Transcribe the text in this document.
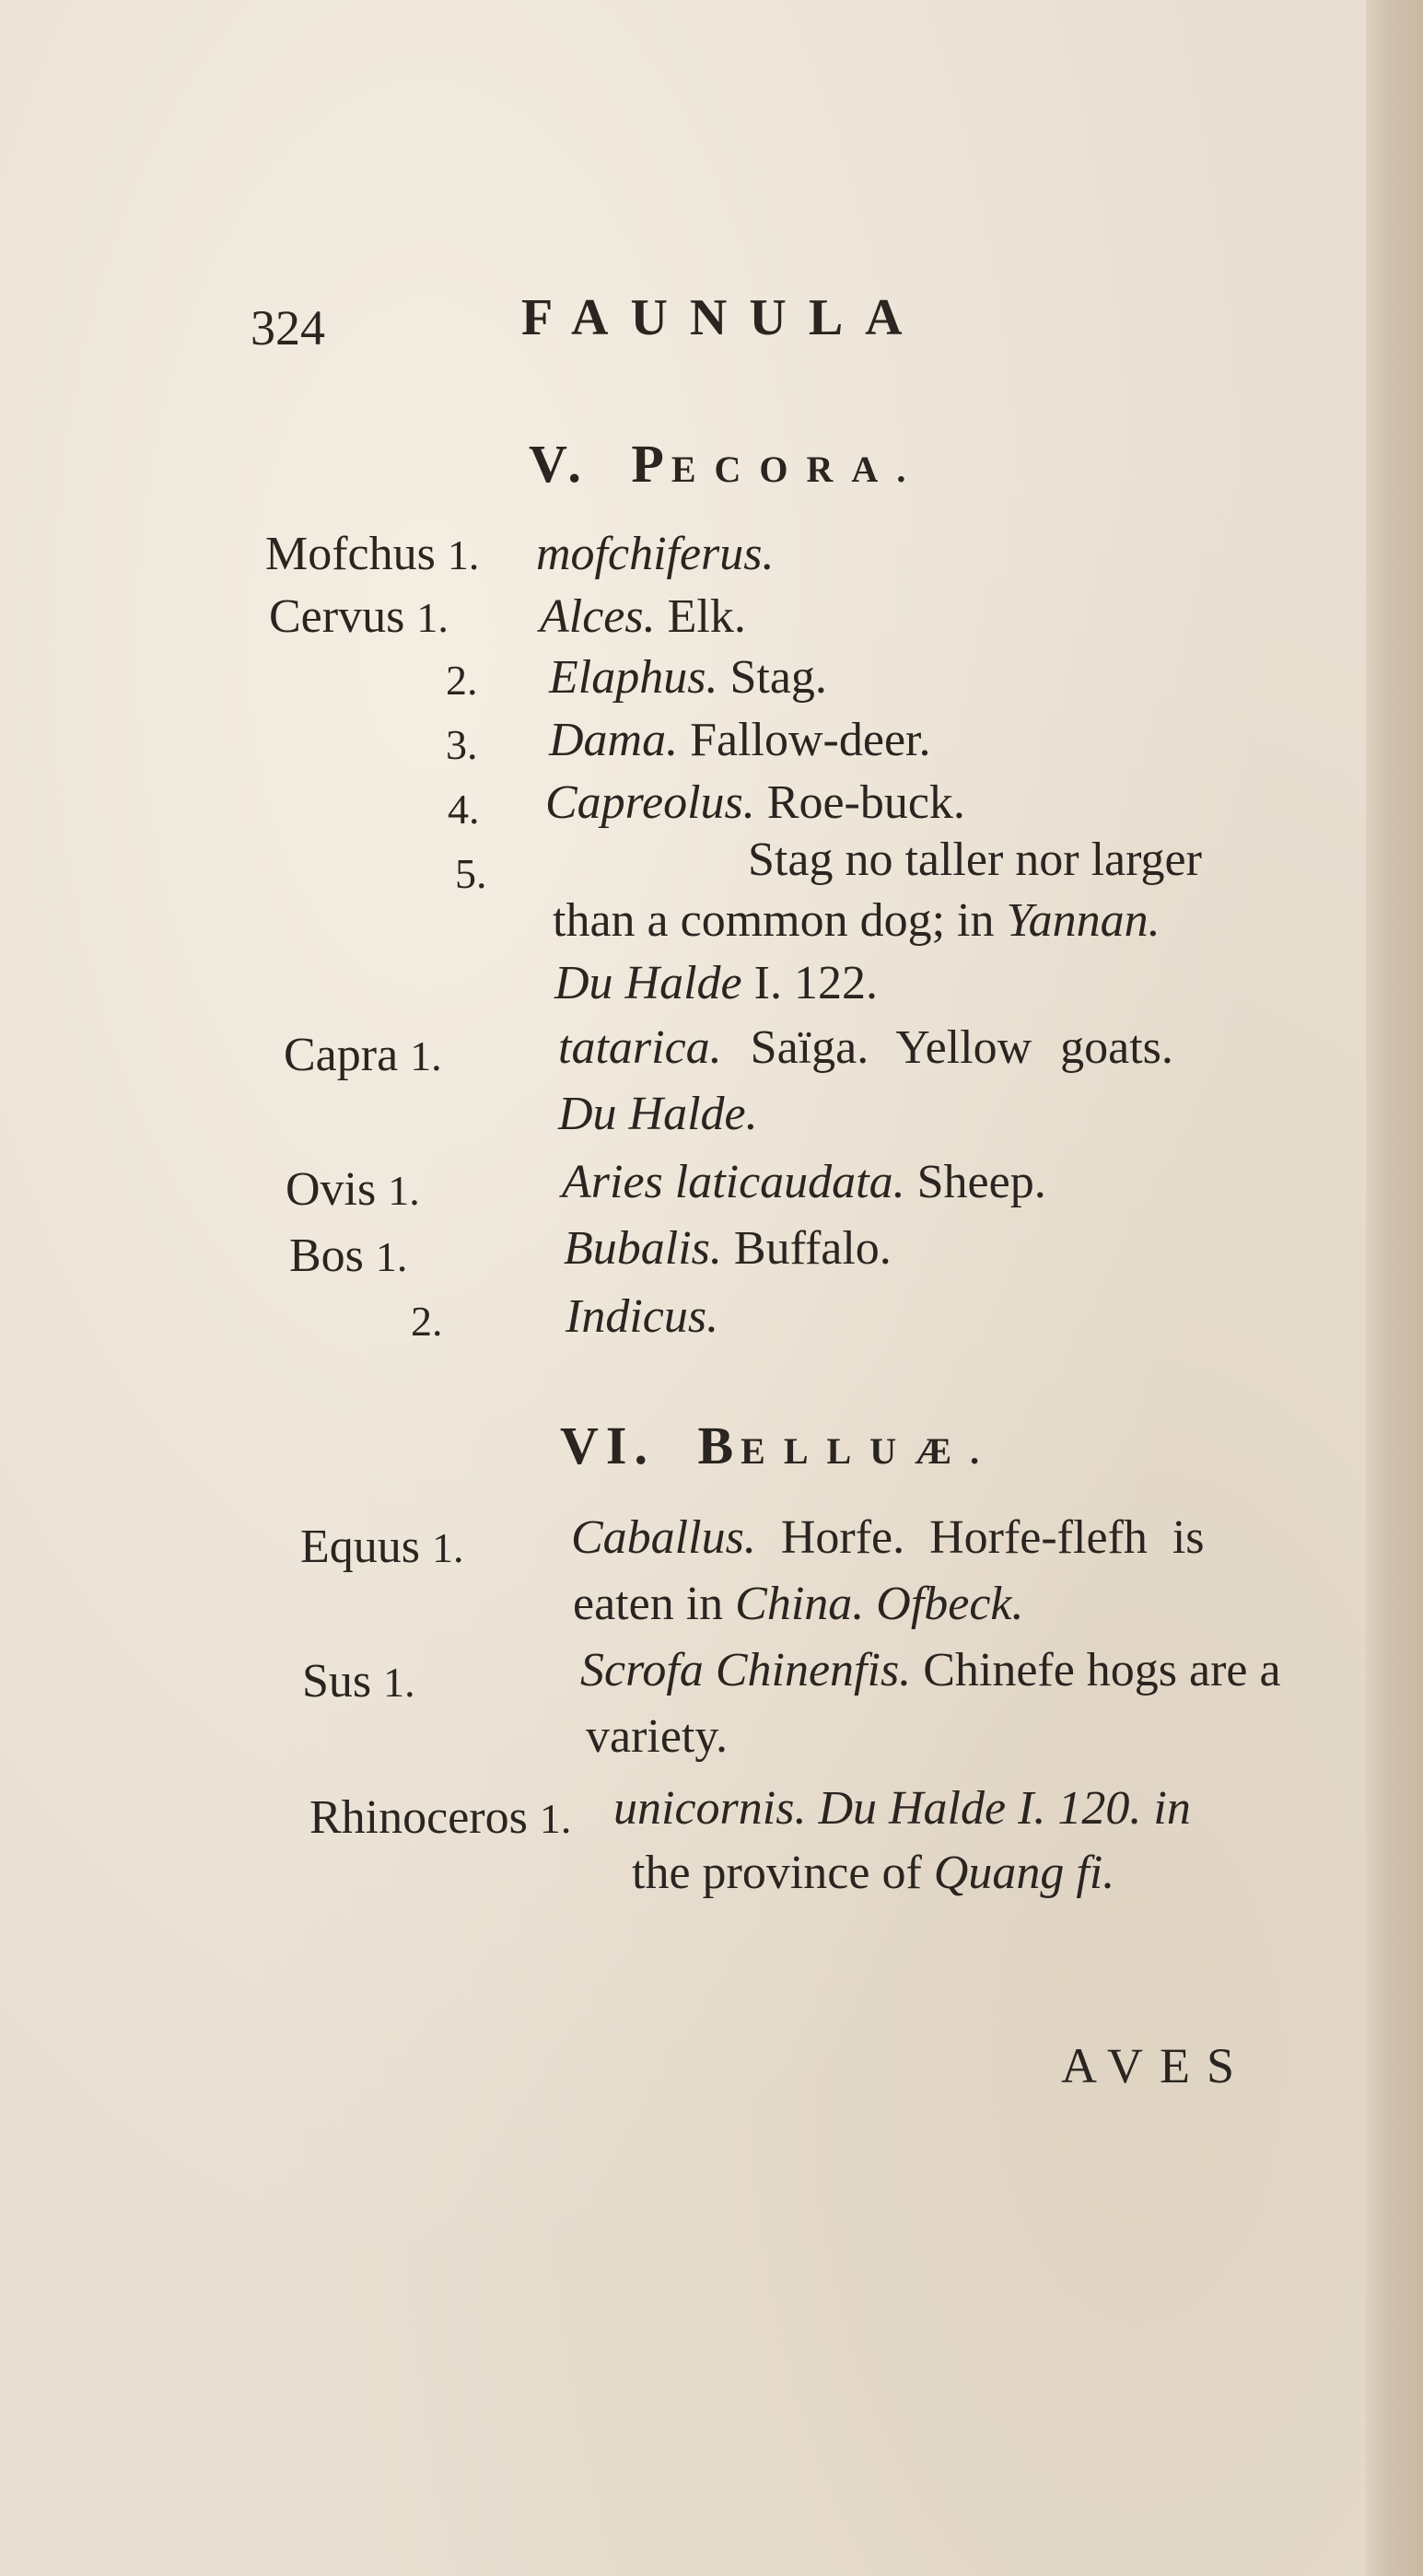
324	FAUNULA
V. PECORA.
Mofchus 1. mofchiferus.
Cervus 1. Alces. Elk.
2. Elaphus. Stag.
3. Dama. Fallow-deer.
4. Capreolus. Roe-buck.
5.	Stag no taller nor larger
than a common dog; in Yannan.
Du Halde I. 122.
Capra 1. tatarica. Saïga. Yellow goats.
Du Halde.
Ovis 1.	Aries laticaudata. Sheep.
Bos 1.	Bubalis. Buffalo.
2.	Indicus.
VI. BELLUÆ.
Equus 1. Caballus. Horfe. Horfe-flefh is
eaten in China. Ofbeck.
Sus 1.	Scrofa Chinenfis. Chinefe hogs are a
variety.
Rhinoceros 1. unicornis. Du Halde I. 120. in
the province of Quang fi.
AVES
